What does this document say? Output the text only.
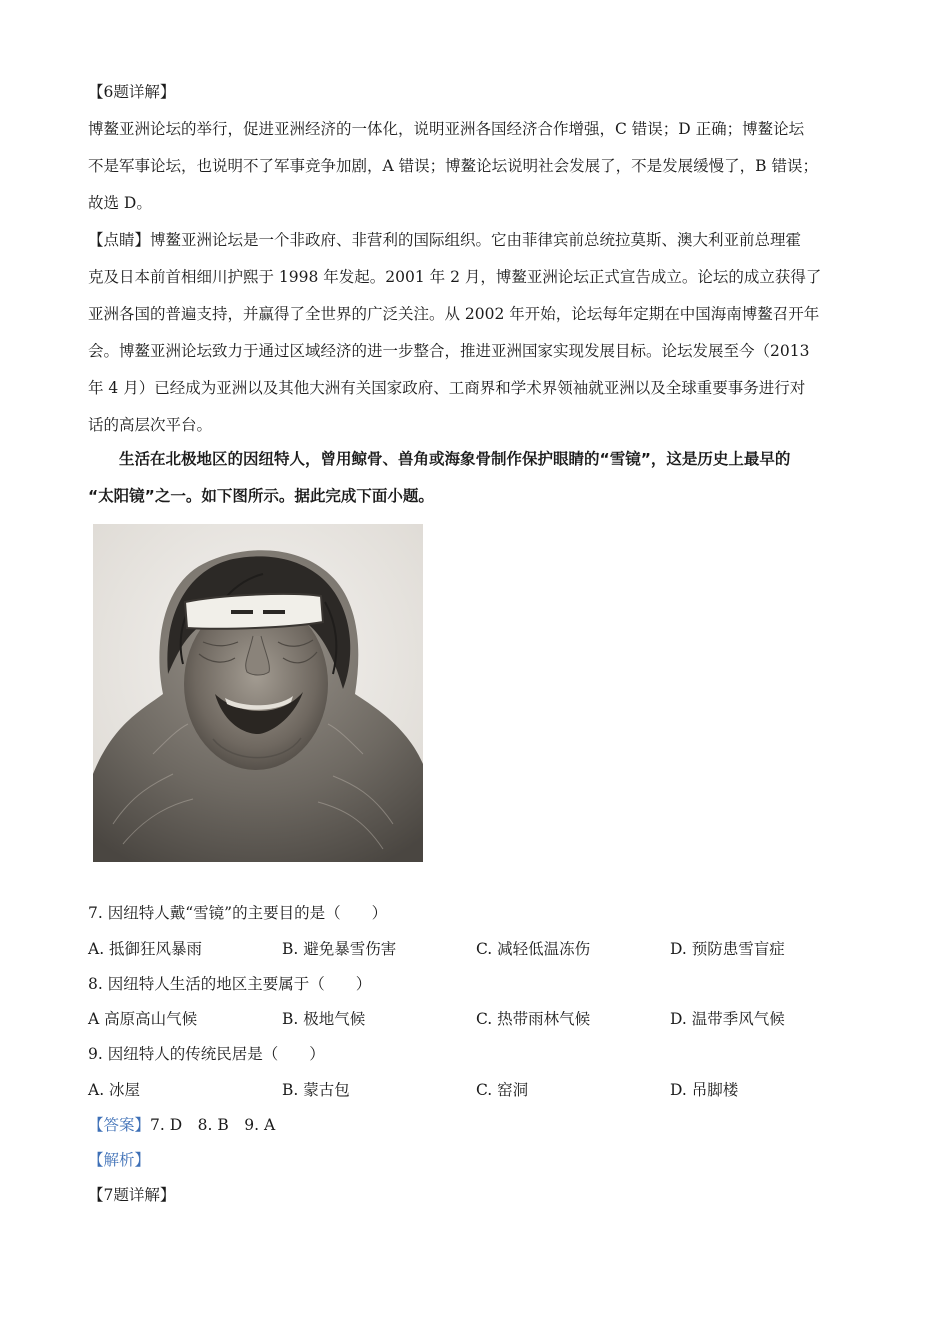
【6题详解】
博鳌亚洲论坛的举行，促进亚洲经济的一体化，说明亚洲各国经济合作增强，C 错误；D 正确；博鳌论坛
不是军事论坛，也说明不了军事竞争加剧，A 错误；博鳌论坛说明社会发展了，不是发展缓慢了，B 错误；
故选 D。
【点睛】博鳌亚洲论坛是一个非政府、非营利的国际组织。它由菲律宾前总统拉莫斯、澳大利亚前总理霍
克及日本前首相细川护熙于 1998 年发起。2001 年 2 月，博鳌亚洲论坛正式宣告成立。论坛的成立获得了
亚洲各国的普遍支持，并赢得了全世界的广泛关注。从 2002 年开始，论坛每年定期在中国海南博鳌召开年
会。博鳌亚洲论坛致力于通过区域经济的进一步整合，推进亚洲国家实现发展目标。论坛发展至今（2013
年 4 月）已经成为亚洲以及其他大洲有关国家政府、工商界和学术界领袖就亚洲以及全球重要事务进行对
话的高层次平台。
生活在北极地区的因纽特人，曾用鲸骨、兽角或海象骨制作保护眼睛的“雪镜”，这是历史上最早的
“太阳镜”之一。如下图所示。据此完成下面小题。
7. 因纽特人戴“雪镜”的主要目的是（　　）
A. 抵御狂风暴雨	B. 避免暴雪伤害	C. 减轻低温冻伤	D. 预防患雪盲症
8. 因纽特人生活的地区主要属于（　　）
A 高原高山气候	B. 极地气候	C. 热带雨林气候	D. 温带季风气候
9. 因纽特人的传统民居是（　　）
A. 冰屋	B. 蒙古包	C. 窑洞	D. 吊脚楼
【答案】7. D　8. B　9. A
【解析】
【7题详解】
